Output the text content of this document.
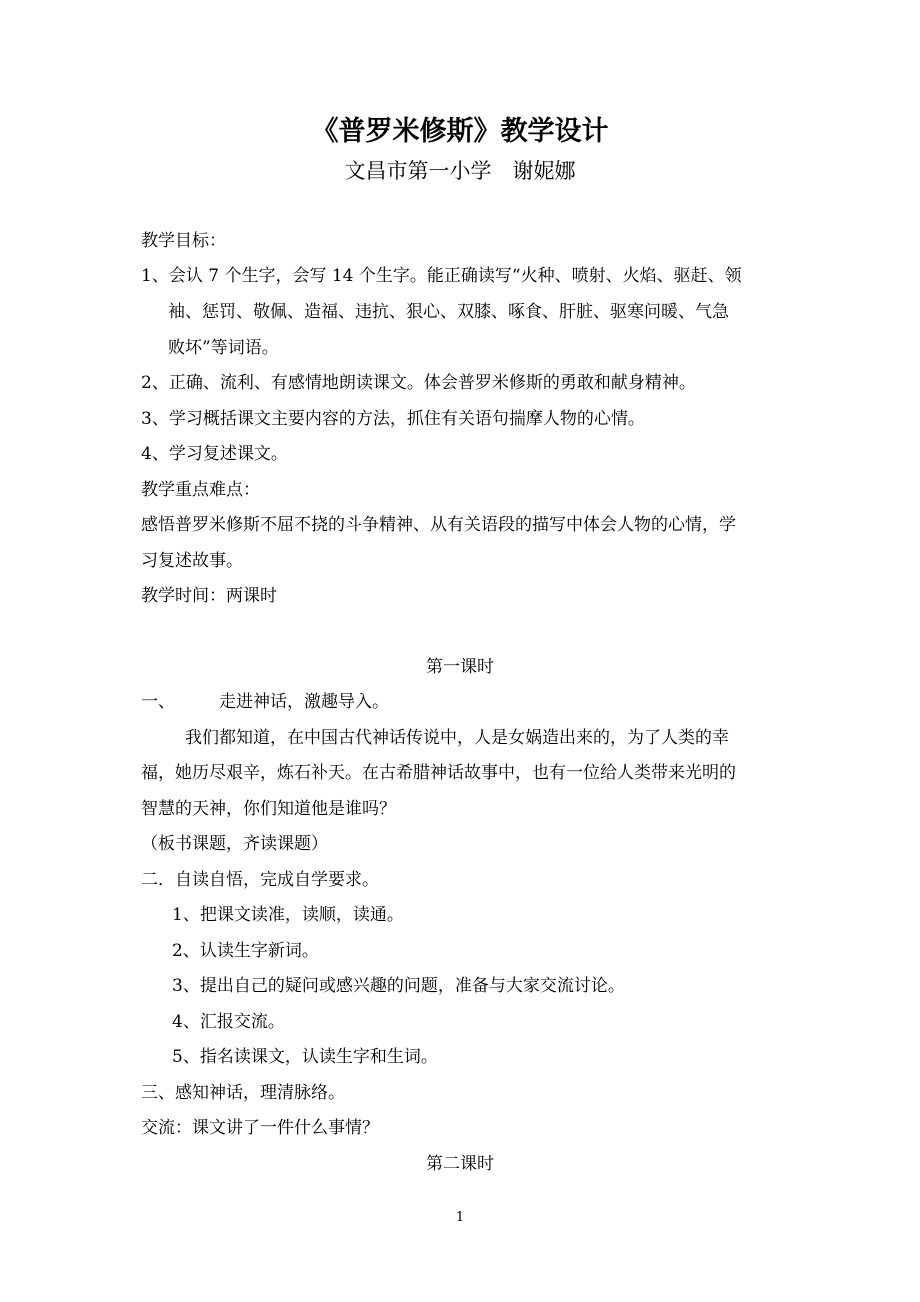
《普罗米修斯》教学设计
文昌市第一小学　谢妮娜
教学目标：
1、会认 7 个生字，会写 14 个生字。能正确读写“火种、喷射、火焰、驱赶、领
袖、惩罚、敬佩、造福、违抗、狠心、双膝、啄食、肝脏、驱寒问暖、气急
败坏”等词语。
2、正确、流利、有感情地朗读课文。体会普罗米修斯的勇敢和献身精神。
3、学习概括课文主要内容的方法，抓住有关语句揣摩人物的心情。
4、学习复述课文。
教学重点难点：
感悟普罗米修斯不屈不挠的斗争精神、从有关语段的描写中体会人物的心情，学
习复述故事。
教学时间：两课时
第一课时
一、	走进神话，激趣导入。
我们都知道，在中国古代神话传说中，人是女娲造出来的，为了人类的幸
福，她历尽艰辛，炼石补天。在古希腊神话故事中，也有一位给人类带来光明的
智慧的天神，你们知道他是谁吗？
（板书课题，齐读课题）
二．自读自悟，完成自学要求。
1、把课文读准，读顺，读通。
2、认读生字新词。
3、提出自己的疑问或感兴趣的问题，准备与大家交流讨论。
4、汇报交流。
5、指名读课文，认读生字和生词。
三、感知神话，理清脉络。
交流：课文讲了一件什么事情？
第二课时
1
